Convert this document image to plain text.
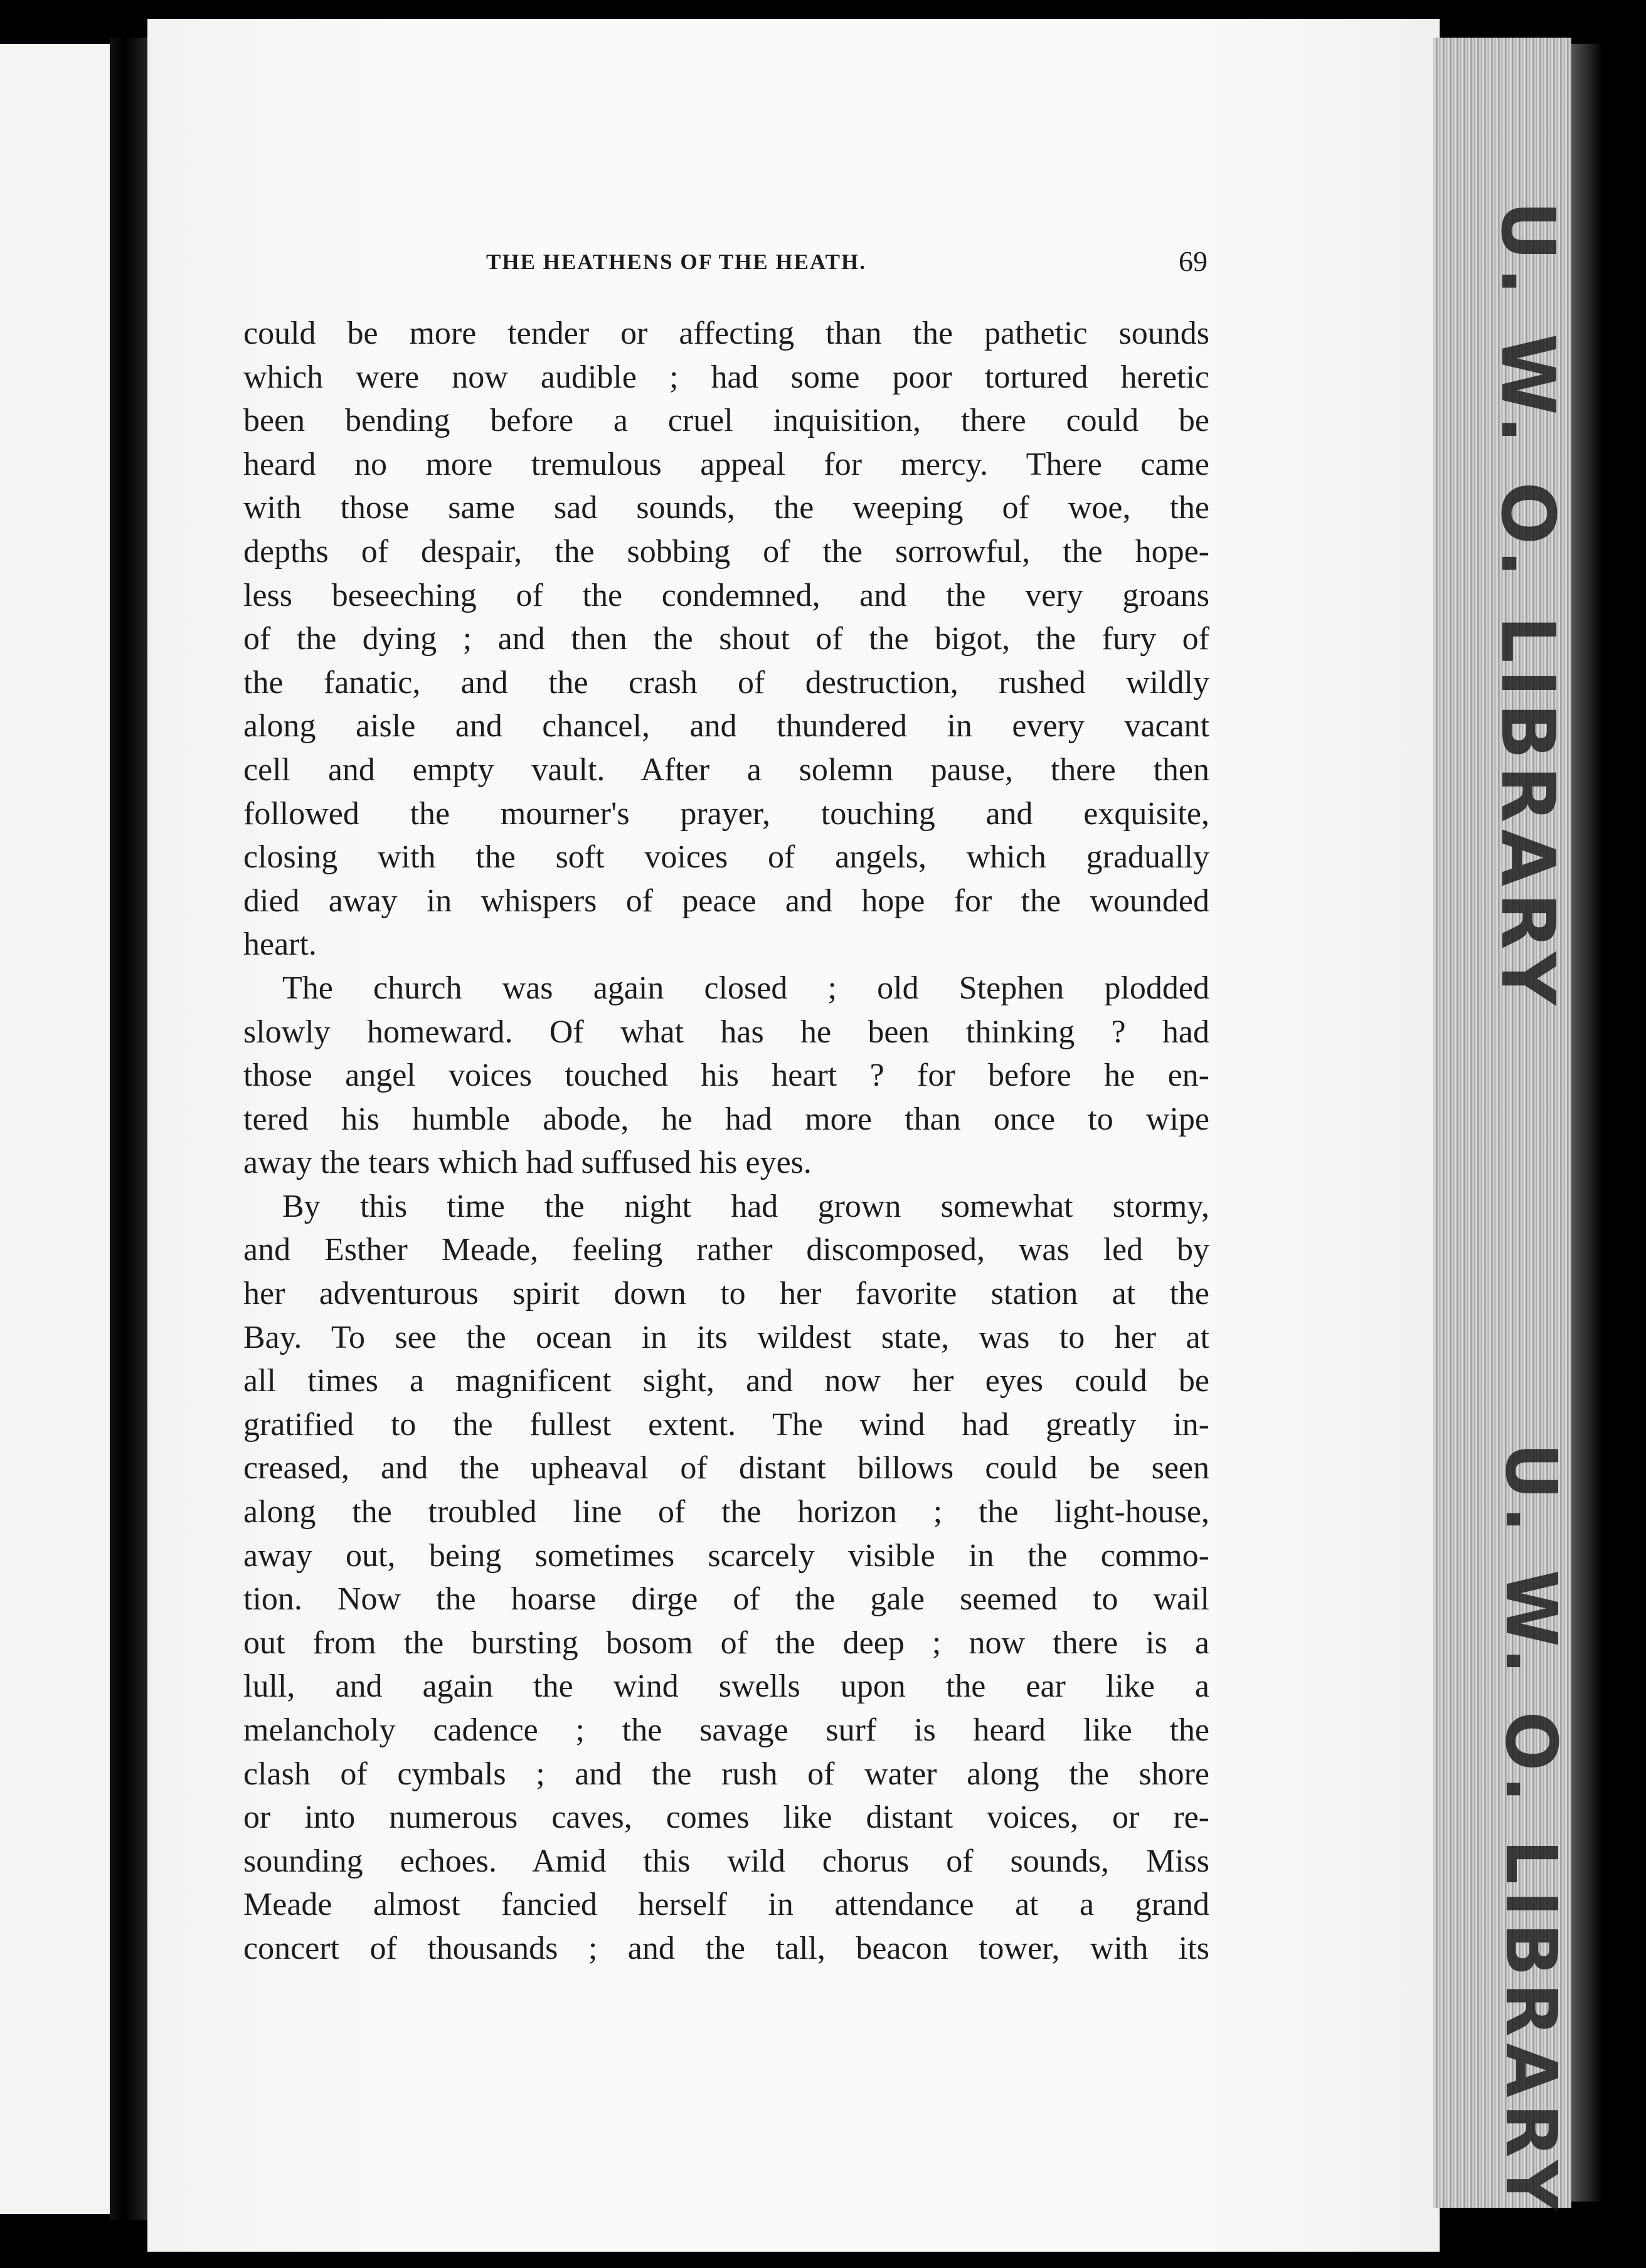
U. W. O. LIBRARY
U. W. O. LIBRARY
THE HEATHENS OF THE HEATH.	69
could be more tender or affecting than the pathetic sounds
which were now audible ; had some poor tortured heretic
been bending before a cruel inquisition, there could be
heard no more tremulous appeal for mercy. There came
with those same sad sounds, the weeping of woe, the
depths of despair, the sobbing of the sorrowful, the hope-
less beseeching of the condemned, and the very groans
of the dying ; and then the shout of the bigot, the fury of
the fanatic, and the crash of destruction, rushed wildly
along aisle and chancel, and thundered in every vacant
cell and empty vault. After a solemn pause, there then
followed the mourner's prayer, touching and exquisite,
closing with the soft voices of angels, which gradually
died away in whispers of peace and hope for the wounded
heart.
The church was again closed ; old Stephen plodded
slowly homeward. Of what has he been thinking ? had
those angel voices touched his heart ? for before he en-
tered his humble abode, he had more than once to wipe
away the tears which had suffused his eyes.
By this time the night had grown somewhat stormy,
and Esther Meade, feeling rather discomposed, was led by
her adventurous spirit down to her favorite station at the
Bay. To see the ocean in its wildest state, was to her at
all times a magnificent sight, and now her eyes could be
gratified to the fullest extent. The wind had greatly in-
creased, and the upheaval of distant billows could be seen
along the troubled line of the horizon ; the light-house,
away out, being sometimes scarcely visible in the commo-
tion. Now the hoarse dirge of the gale seemed to wail
out from the bursting bosom of the deep ; now there is a
lull, and again the wind swells upon the ear like a
melancholy cadence ; the savage surf is heard like the
clash of cymbals ; and the rush of water along the shore
or into numerous caves, comes like distant voices, or re-
sounding echoes. Amid this wild chorus of sounds, Miss
Meade almost fancied herself in attendance at a grand
concert of thousands ; and the tall, beacon tower, with its
